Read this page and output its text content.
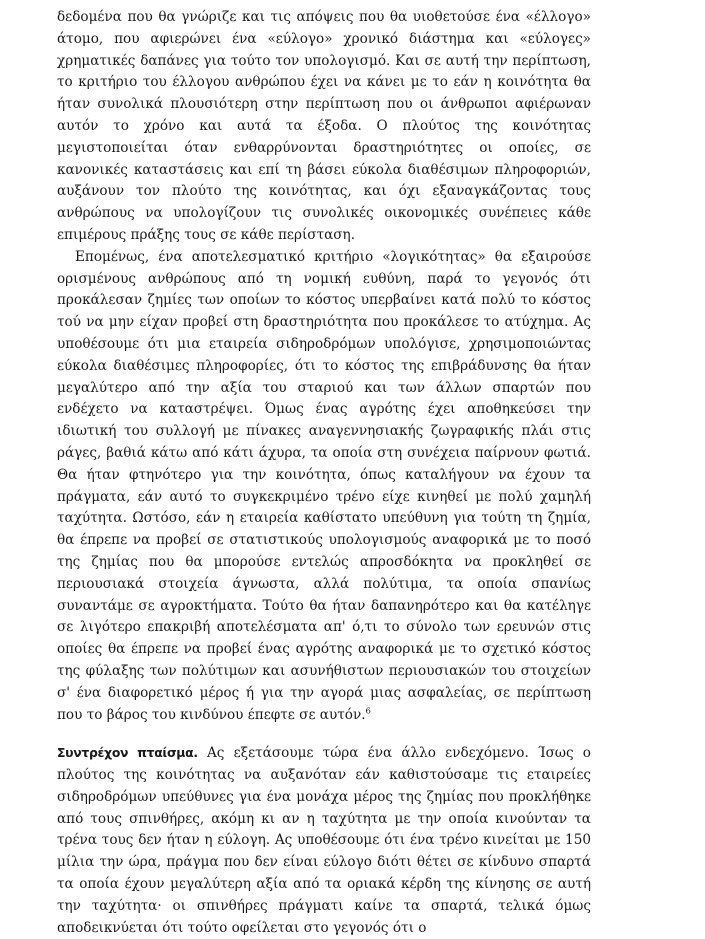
δεδομένα που θα γνώριζε και τις απόψεις που θα υιοθετούσε ένα «έλλογο» άτομο, που αφιερώνει ένα «εύλογο» χρονικό διάστημα και «εύλογες» χρηματικές δαπάνες για τούτο τον υπολογισμό. Και σε αυτή την περίπτωση, το κριτήριο του έλλογου ανθρώπου έχει να κάνει με το εάν η κοινότητα θα ήταν συνολικά πλουσιότερη στην περίπτωση που οι άνθρωποι αφιέρωναν αυτόν το χρόνο και αυτά τα έξοδα. Ο πλούτος της κοινότητας μεγιστοποιείται όταν ενθαρρύνονται δραστηριότητες οι οποίες, σε κανονικές καταστάσεις και επί τη βάσει εύκολα διαθέσιμων πληροφοριών, αυξάνουν τον πλούτο της κοινότητας, και όχι εξαναγκάζοντας τους ανθρώπους να υπολογίζουν τις συνολικές οικονομικές συνέπειες κάθε επιμέρους πράξης τους σε κάθε περίσταση.

Επομένως, ένα αποτελεσματικό κριτήριο «λογικότητας» θα εξαιρούσε ορισμένους ανθρώπους από τη νομική ευθύνη, παρά το γεγονός ότι προκάλεσαν ζημίες των οποίων το κόστος υπερβαίνει κατά πολύ το κόστος τού να μην είχαν προβεί στη δραστηριότητα που προκάλεσε το ατύχημα. Ας υποθέσουμε ότι μια εταιρεία σιδηροδρόμων υπολόγισε, χρησιμοποιώντας εύκολα διαθέσιμες πληροφορίες, ότι το κόστος της επιβράδυνσης θα ήταν μεγαλύτερο από την αξία του σταριού και των άλλων σπαρτών που ενδέχετο να καταστρέψει. Όμως ένας αγρότης έχει αποθηκεύσει την ιδιωτική του συλλογή με πίνακες αναγεννησιακής ζωγραφικής πλάι στις ράγες, βαθιά κάτω από κάτι άχυρα, τα οποία στη συνέχεια παίρνουν φωτιά. Θα ήταν φτηνότερο για την κοινότητα, όπως καταλήγουν να έχουν τα πράγματα, εάν αυτό το συγκεκριμένο τρένο είχε κινηθεί με πολύ χαμηλή ταχύτητα. Ωστόσο, εάν η εταιρεία καθίστατο υπεύθυνη για τούτη τη ζημία, θα έπρεπε να προβεί σε στατιστικούς υπολογισμούς αναφορικά με το ποσό της ζημίας που θα μπορούσε εντελώς απροσδόκητα να προκληθεί σε περιουσιακά στοιχεία άγνωστα, αλλά πολύτιμα, τα οποία σπανίως συναντάμε σε αγροκτήματα. Τούτο θα ήταν δαπανηρότερο και θα κατέληγε σε λιγότερο επακριβή αποτελέσματα απ' ό,τι το σύνολο των ερευνών στις οποίες θα έπρεπε να προβεί ένας αγρότης αναφορικά με το σχετικό κόστος της φύλαξης των πολύτιμων και ασυνήθιστων περιουσιακών του στοιχείων σ' ένα διαφορετικό μέρος ή για την αγορά μιας ασφαλείας, σε περίπτωση που το βάρος του κινδύνου έπεφτε σε αυτόν.$^6$

Συντρέχον πταίσμα. Ας εξετάσουμε τώρα ένα άλλο ενδεχόμενο. Ίσως ο πλούτος της κοινότητας να αυξανόταν εάν καθιστούσαμε τις εταιρείες σιδηροδρόμων υπεύθυνες για ένα μονάχα μέρος της ζημίας που προκλήθηκε από τους σπινθήρες, ακόμη κι αν η ταχύτητα με την οποία κινούνταν τα τρένα τους δεν ήταν η εύλογη. Ας υποθέσουμε ότι ένα τρένο κινείται με 150 μίλια την ώρα, πράγμα που δεν είναι εύλογο διότι θέτει σε κίνδυνο σπαρτά τα οποία έχουν μεγαλύτερη αξία από τα οριακά κέρδη της κίνησης σε αυτή την ταχύτητα· οι σπινθήρες πράγματι καίνε τα σπαρτά, τελικά όμως αποδεικνύεται ότι τούτο οφείλεται στο γεγονός ότι ο
